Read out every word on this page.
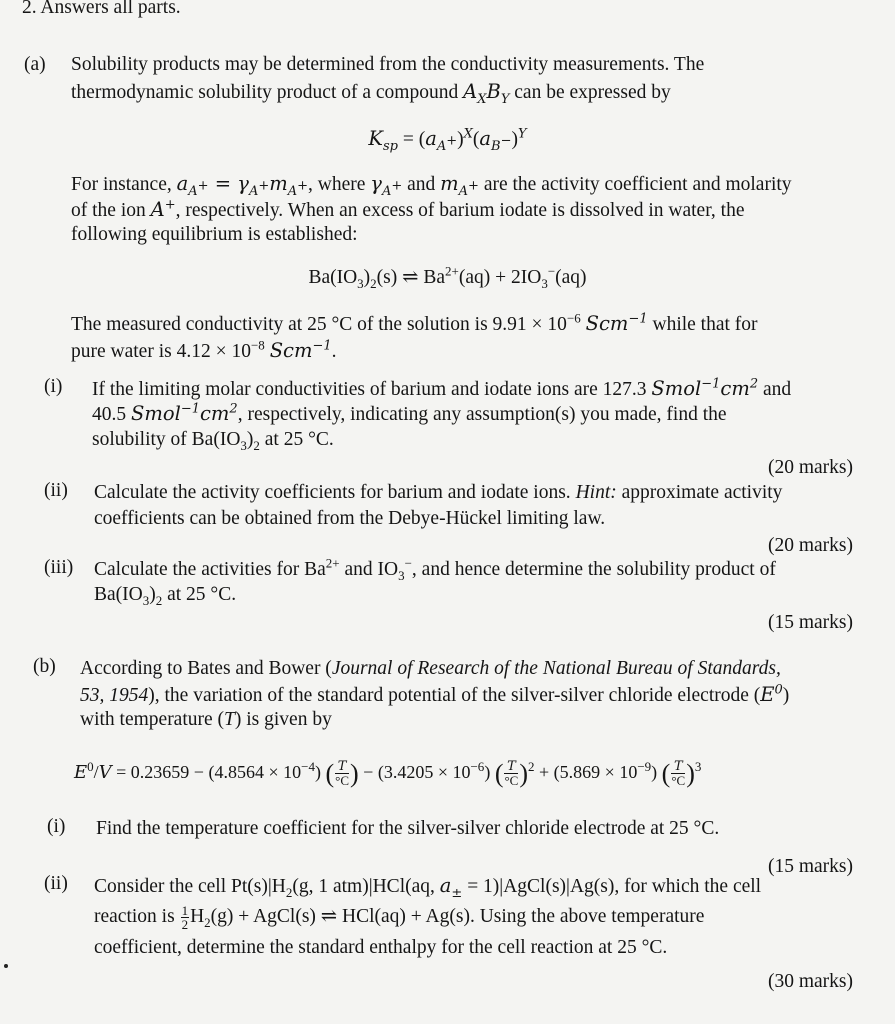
2. Answers all parts.
(a) Solubility products may be determined from the conductivity measurements. The
thermodynamic solubility product of a compound $A_XB_Y$ can be expressed by
$K_{sp} = (a_{A^+})^X(a_{B^-})^Y$
For instance, $a_{A^+} = \gamma_{A^+}m_{A^+}$, where $\gamma_{A^+}$ and $m_{A^+}$ are the activity coefficient and molarity
of the ion A+, respectively. When an excess of barium iodate is dissolved in water, the
following equilibrium is established:
$Ba(IO_3)_2(s)$ ⇌ $Ba^{2+}(aq) + 2IO_3^-(aq)$
The measured conductivity at 25 °C of the solution is $9.91 \times 10^{-6}$ Scm$^{-1}$ while that for
pure water is $4.12 \times 10^{-8}$ Scm$^{-1}$.
(i) If the limiting molar conductivities of barium and iodate ions are 127.3 $Smol^{-1}cm^2$ and
40.5 $Smol^{-1}cm^2$, respectively, indicating any assumption(s) you made, find the
solubility of $Ba(IO_3)_2$ at 25 °C.
(20 marks)
(ii) Calculate the activity coefficients for barium and iodate ions. Hint: approximate activity
coefficients can be obtained from the Debye-Hückel limiting law.
(20 marks)
(iii) Calculate the activities for $Ba^{2+}$ and $IO_3^-$, and hence determine the solubility product of
$Ba(IO_3)_2$ at 25 °C.
(15 marks)
(b) According to Bates and Bower (Journal of Research of the National Bureau of Standards,
53, 1954), the variation of the standard potential of the silver-silver chloride electrode $(E^0)$
with temperature (T) is given by
$E^0/V = 0.23659 - (4.8564 \times 10^{-4})$ ( $\frac{T}{^\circ C}$ ) − $(3.4205 \times 10^{-6})$ ( $\frac{T}{^\circ C} )^2 + (5.869 \times 10^{-9})$ ( $\frac{T}{^\circ C} )^3$
(i) Find the temperature coefficient for the silver-silver chloride electrode at 25 °C.
(15 marks)
(ii) Consider the cell $Pt(s)|H_2(g$, 1 atm)|HCl(aq, $a_\pm$ = 1)|AgCl(s)|Ag(s), for which the cell
reaction is $\frac{1}{2} H_2(g)$ + AgCl(s) ⇌ HCl(aq) + Ag(s). Using the above temperature
coefficient, determine the standard enthalpy for the cell reaction at 25 °C.
(30 marks)
